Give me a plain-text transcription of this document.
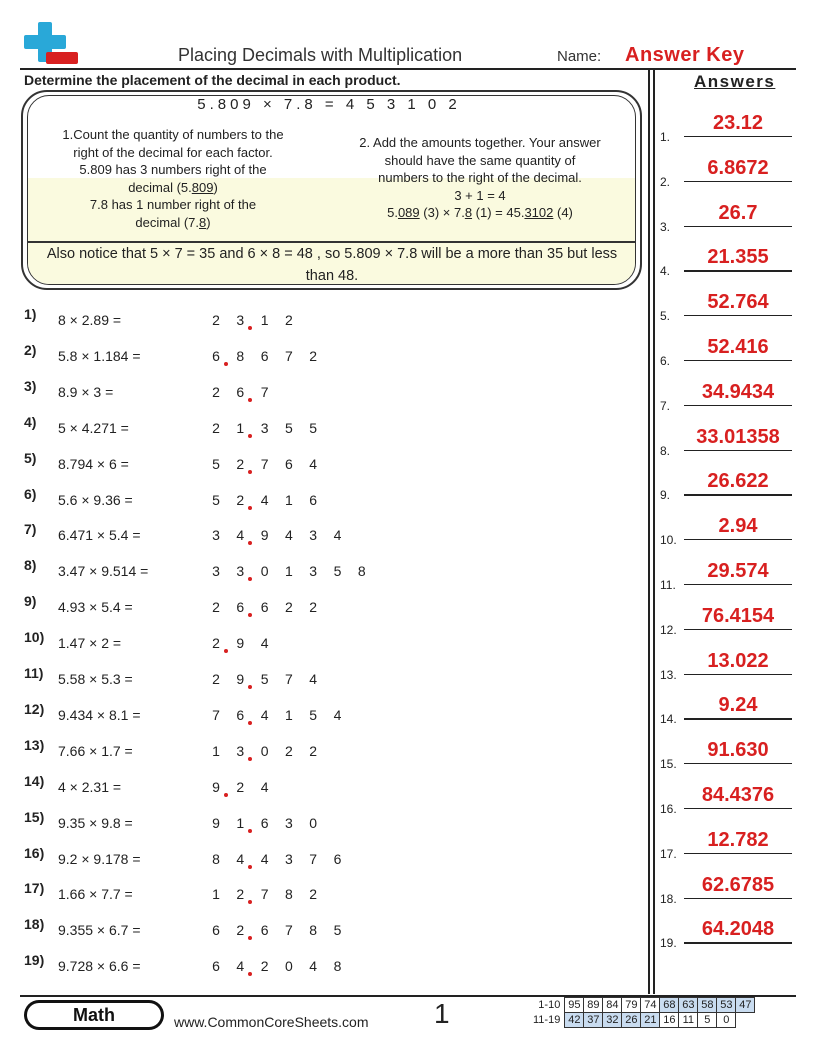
Placing Decimals with Multiplication	Name: Answer Key
Determine the placement of the decimal in each product.	Answers
5.809 × 7.8 = 4 5 3 1 0 2
1.Count the quantity of numbers to the
right of the decimal for each factor.
5.809 has 3 numbers right of the
decimal (5.809)
7.8 has 1 number right of the
decimal (7.8)
2. Add the amounts together. Your answer
should have the same quantity of
numbers to the right of the decimal.
3 + 1 = 4
5.089 (3) × 7.8 (1) = 45.3102 (4)
Also notice that 5 × 7 = 35 and 6 × 8 = 48 , so 5.809 × 7.8 will be a more than 35 but less than 48.
1)	8 × 2.89 =	2 3 1 2
2)	5.8 × 1.184 =	6 8 6 7 2
3)	8.9 × 3 =	2 6 7
4)	5 × 4.271 =	2 1 3 5 5
5)	8.794 × 6 =	5 2 7 6 4
6)	5.6 × 9.36 =	5 2 4 1 6
7)	6.471 × 5.4 =	3 4 9 4 3 4
8)	3.47 × 9.514 =	3 3 0 1 3 5 8
9)	4.93 × 5.4 =	2 6 6 2 2
10) 1.47 × 2 =	2 9 4
11)	5.58 × 5.3 =	2 9 5 7 4
12) 9.434 × 8.1 =	7 6 4 1 5 4
13) 7.66 × 1.7 =	1 3 0 2 2
14) 4 × 2.31 =	9 2 4
15) 9.35 × 9.8 =	9 1 6 3 0
16) 9.2 × 9.178 =	8 4 4 3 7 6
17) 1.66 × 7.7 =	1 2 7 8 2
18) 9.355 × 6.7 =	6 2 6 7 8 5
19) 9.728 × 6.6 =	6 4 2 0 4 8
1.
23.12
2.
6.8672
3.
26.7
4.
21.355
5.
52.764
6.
52.416
7.
34.9434
8.
33.01358
9.
26.622
10.
2.94
11.
29.574
12.
76.4154
13.
13.022
14.
9.24
15.
91.630
16.
84.4376
17.
12.782
18.
62.6785
19.
64.2048
Math	www.CommonCoreSheets.com 1	1-10	95	89	84	79	74	68	63	58	53	47
11-19	42	37	32	26	21	16	11	5	0	
